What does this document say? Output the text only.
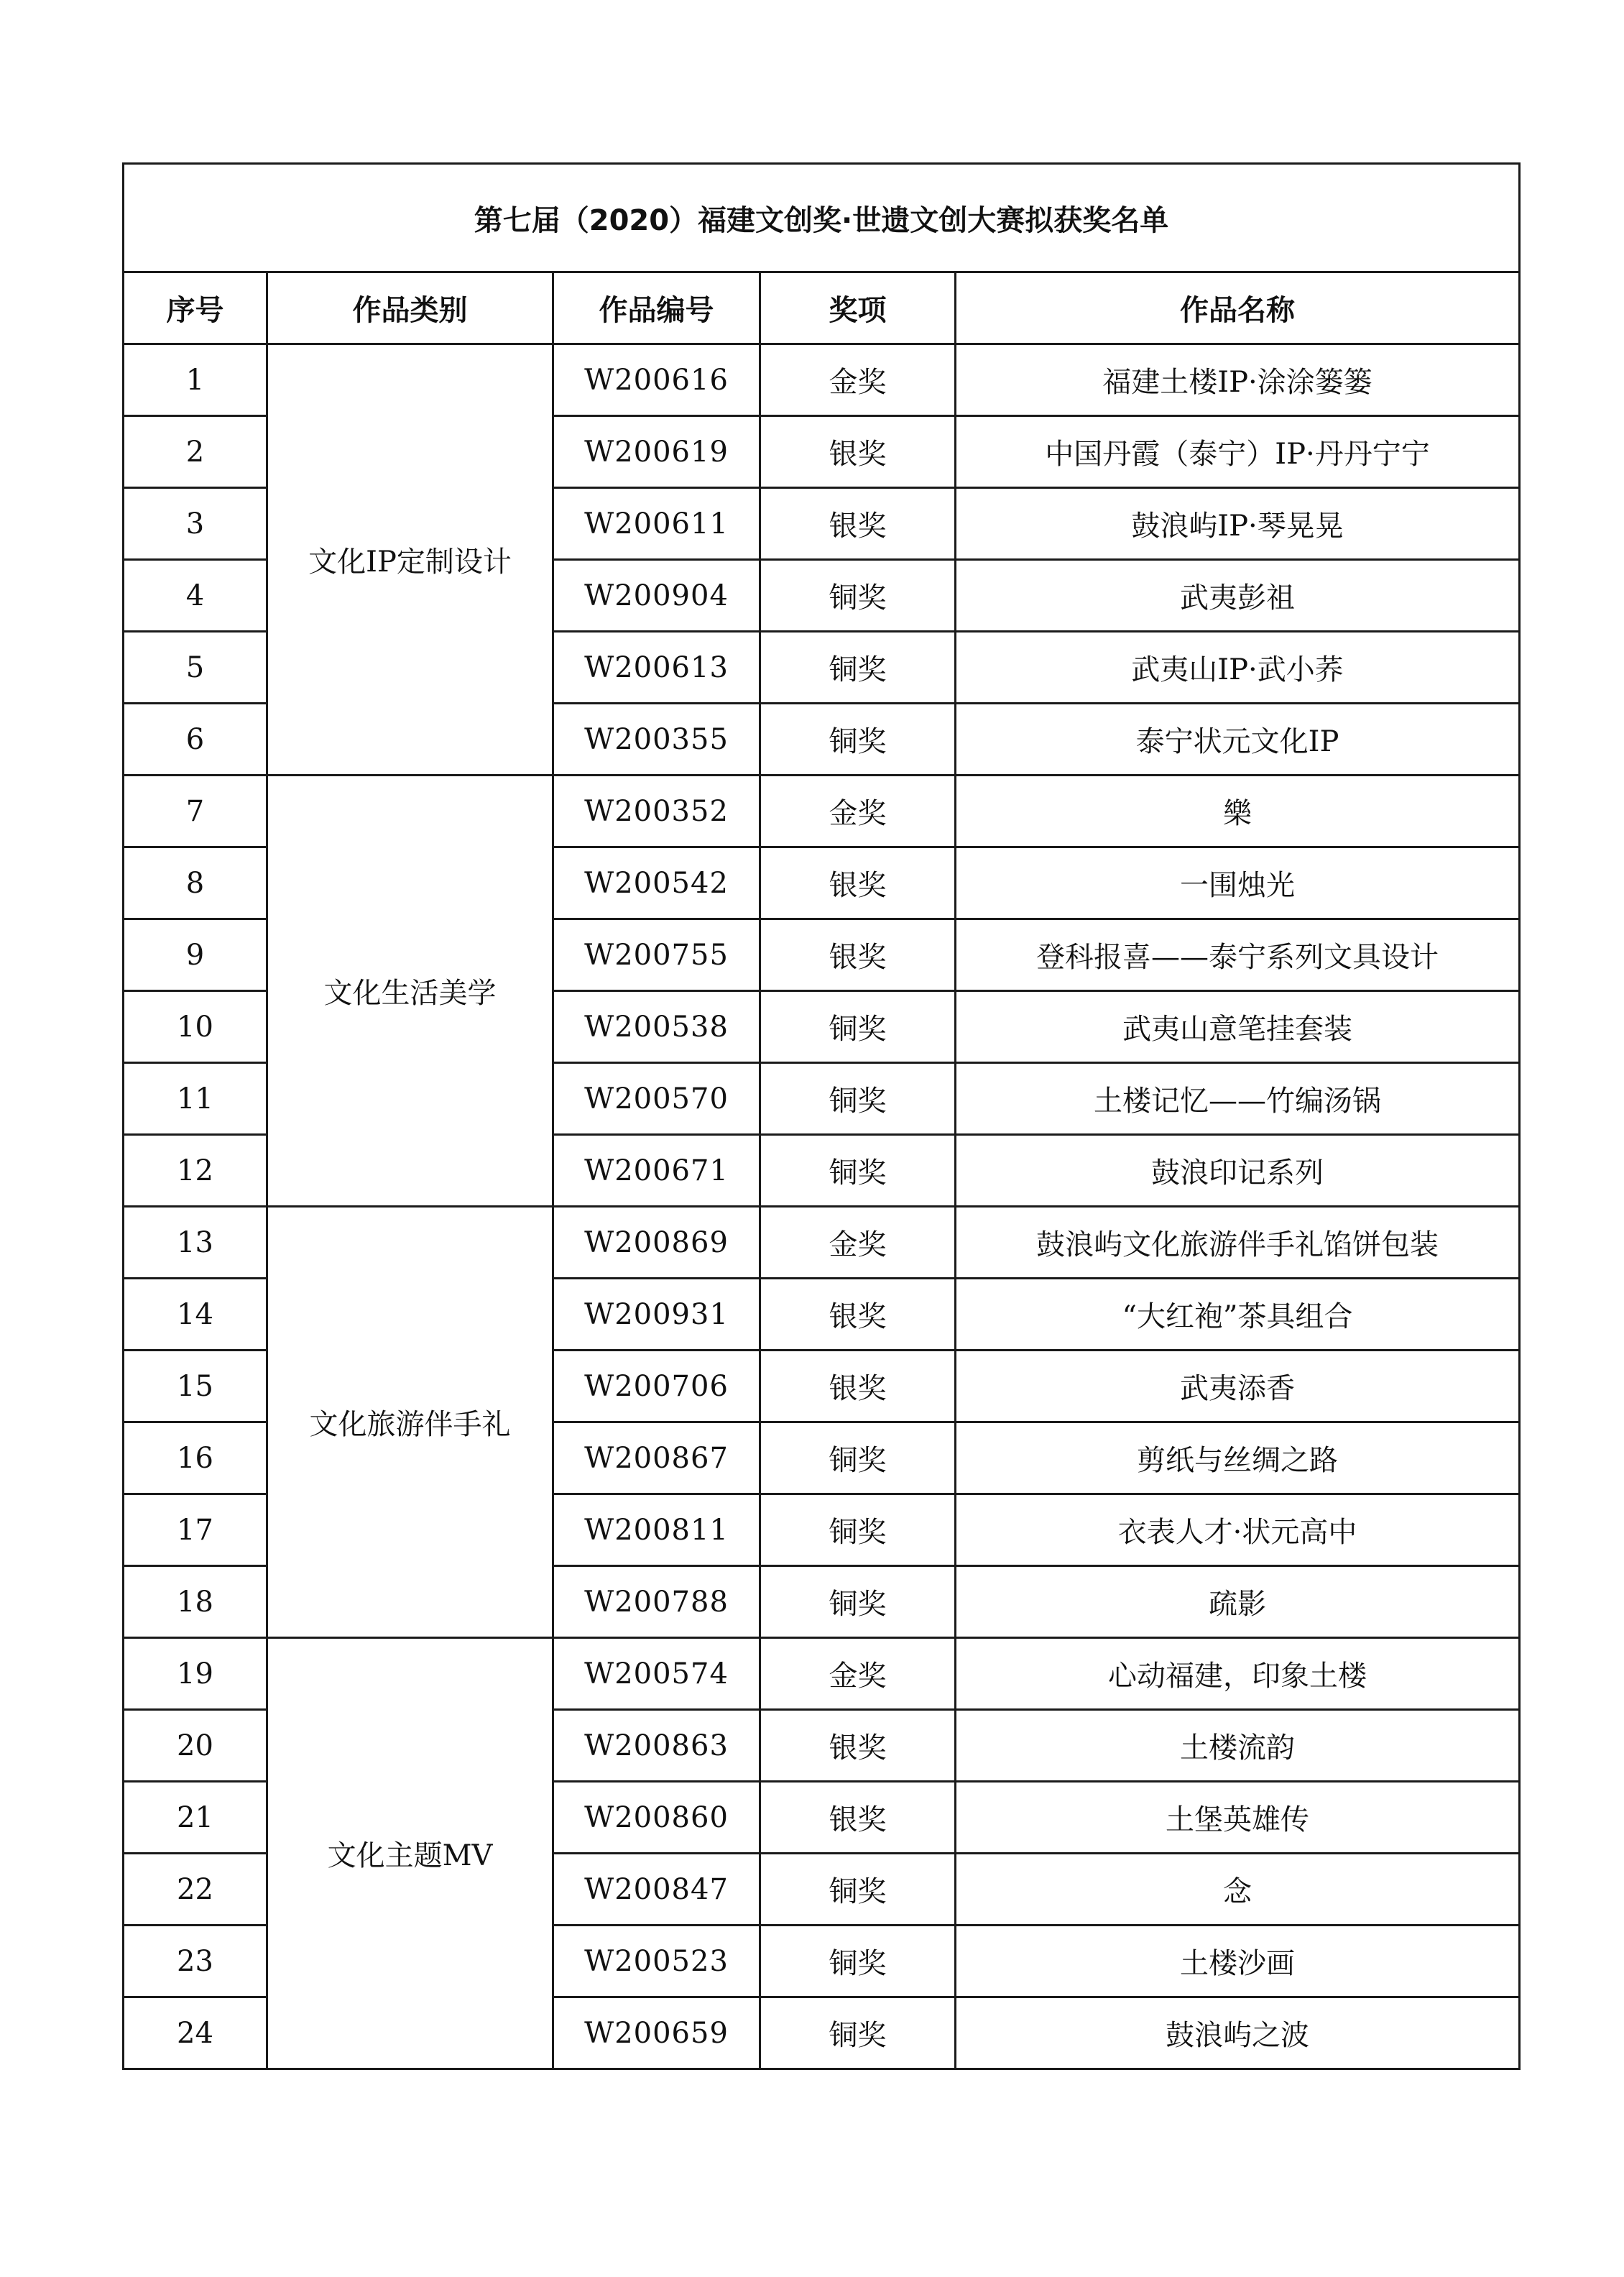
第七届（2020）福建文创奖·世遗文创大赛拟获奖名单				
序号	作品类别	作品编号	奖项	作品名称
1	文化IP定制设计	W200616	金奖	福建土楼IP·涂涂篓篓
2		W200619	银奖	中国丹霞（泰宁）IP·丹丹宁宁
3		W200611	银奖	鼓浪屿IP·琴晃晃
4		W200904	铜奖	武夷彭祖
5		W200613	铜奖	武夷山IP·武小荞
6		W200355	铜奖	泰宁状元文化IP
7	文化生活美学	W200352	金奖	樂
8		W200542	银奖	一围烛光
9		W200755	银奖	登科报喜——泰宁系列文具设计
10		W200538	铜奖	武夷山意笔挂套装
11		W200570	铜奖	土楼记忆——竹编汤锅
12		W200671	铜奖	鼓浪印记系列
13	文化旅游伴手礼	W200869	金奖	鼓浪屿文化旅游伴手礼馅饼包装
14		W200931	银奖	“大红袍”茶具组合
15		W200706	银奖	武夷添香
16		W200867	铜奖	剪纸与丝绸之路
17		W200811	铜奖	衣表人才·状元高中
18		W200788	铜奖	疏影
19	文化主题MV	W200574	金奖	心动福建，印象土楼
20		W200863	银奖	土楼流韵
21		W200860	银奖	土堡英雄传
22		W200847	铜奖	念
23		W200523	铜奖	土楼沙画
24		W200659	铜奖	鼓浪屿之波
